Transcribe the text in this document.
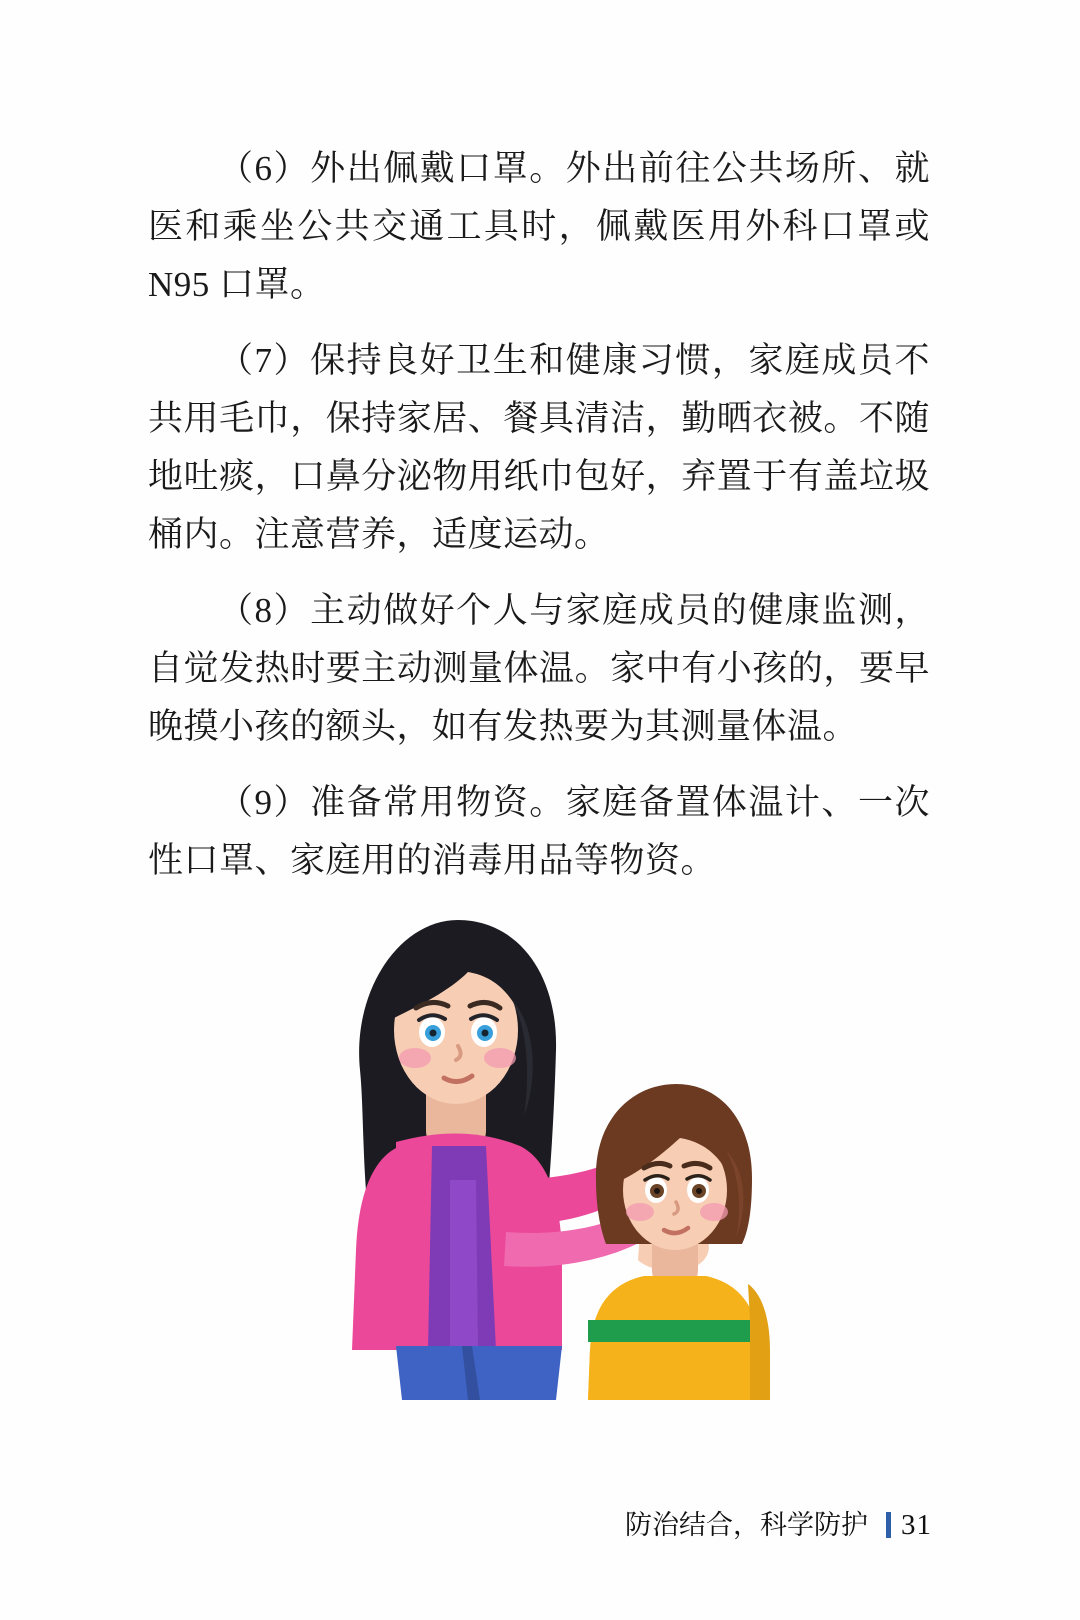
（6）外出佩戴口罩。外出前往公共场所、就医和乘坐公共交通工具时，佩戴医用外科口罩或 N95 口罩。

（7）保持良好卫生和健康习惯，家庭成员不共用毛巾，保持家居、餐具清洁，勤晒衣被。不随地吐痰，口鼻分泌物用纸巾包好，弃置于有盖垃圾桶内。注意营养，适度运动。

（8）主动做好个人与家庭成员的健康监测，自觉发热时要主动测量体温。家中有小孩的，要早晚摸小孩的额头，如有发热要为其测量体温。

（9）准备常用物资。家庭备置体温计、一次性口罩、家庭用的消毒用品等物资。

防治结合，科学防护 31
